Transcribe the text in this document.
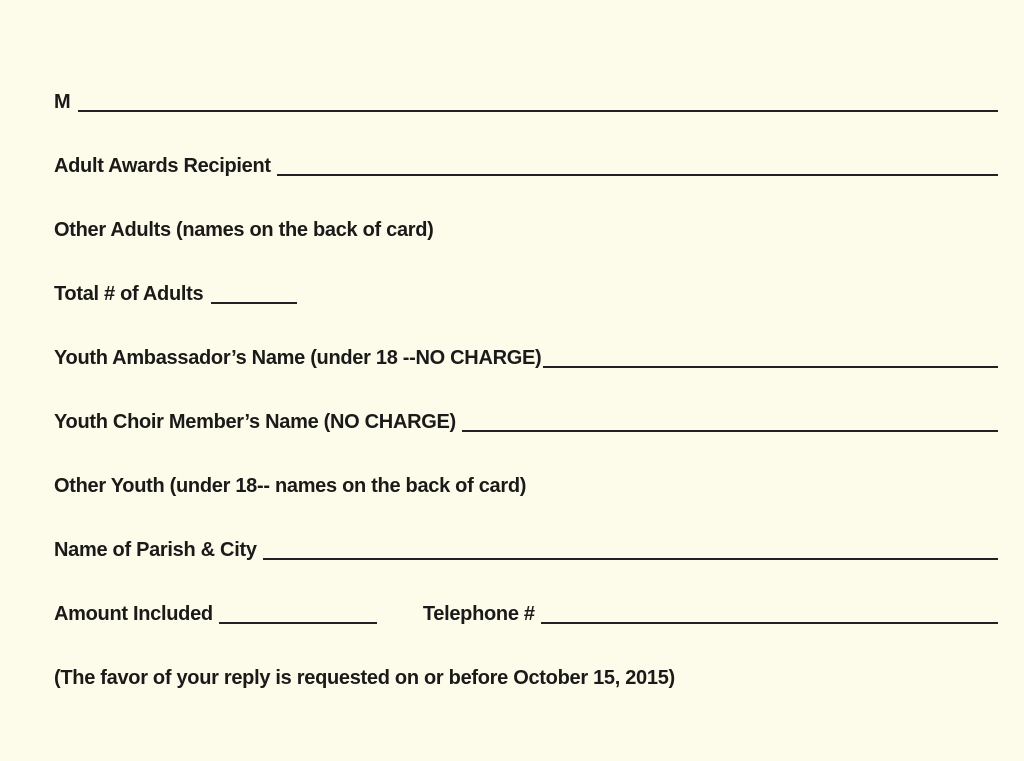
M
Adult Awards Recipient
Other Adults (names on the back of card)
Total # of Adults
Youth Ambassador’s Name (under 18 --NO CHARGE)
Youth Choir Member’s Name (NO CHARGE)
Other Youth (under 18-- names on the back of card)
Name of Parish & City
Amount Included	Telephone #
(The favor of your reply is requested on or before October 15, 2015)
